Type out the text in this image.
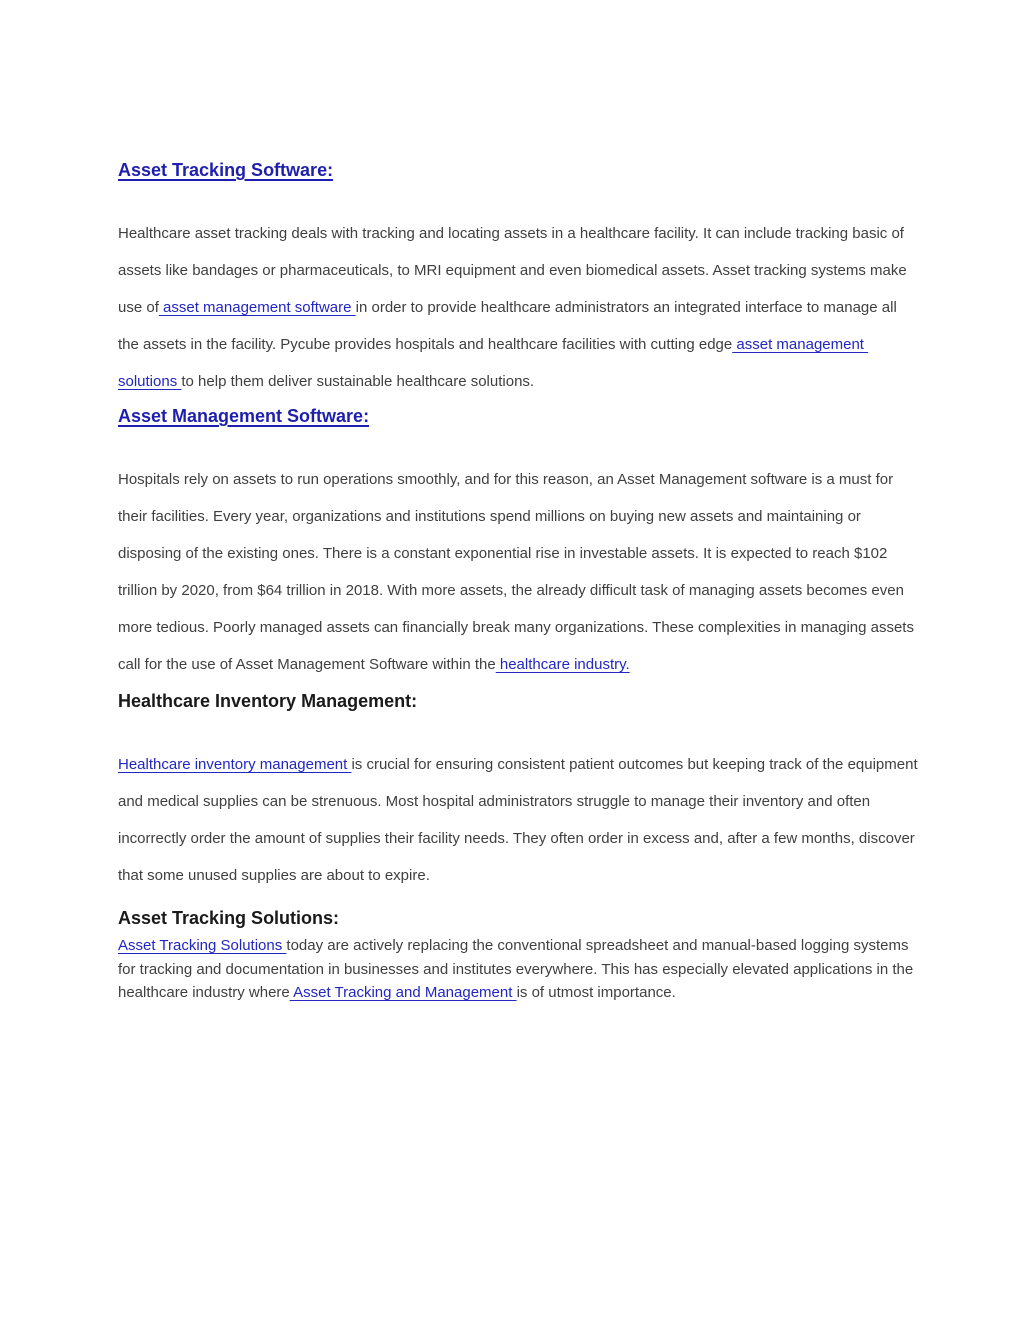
Asset Tracking Software:

Healthcare asset tracking deals with tracking and locating assets in a healthcare facility. It can include tracking basic of assets like bandages or pharmaceuticals, to MRI equipment and even biomedical assets. Asset tracking systems make use of asset management software in order to provide healthcare administrators an integrated interface to manage all the assets in the facility. Pycube provides hospitals and healthcare facilities with cutting edge asset management solutions to help them deliver sustainable healthcare solutions.

Asset Management Software:

Hospitals rely on assets to run operations smoothly, and for this reason, an Asset Management software is a must for their facilities. Every year, organizations and institutions spend millions on buying new assets and maintaining or disposing of the existing ones. There is a constant exponential rise in investable assets. It is expected to reach $102 trillion by 2020, from $64 trillion in 2018. With more assets, the already difficult task of managing assets becomes even more tedious. Poorly managed assets can financially break many organizations. These complexities in managing assets call for the use of Asset Management Software within the healthcare industry.

Healthcare Inventory Management:

Healthcare inventory management is crucial for ensuring consistent patient outcomes but keeping track of the equipment and medical supplies can be strenuous. Most hospital administrators struggle to manage their inventory and often incorrectly order the amount of supplies their facility needs. They often order in excess and, after a few months, discover that some unused supplies are about to expire.

Asset Tracking Solutions:

Asset Tracking Solutions today are actively replacing the conventional spreadsheet and manual-based logging systems for tracking and documentation in businesses and institutes everywhere. This has especially elevated applications in the healthcare industry where Asset Tracking and Management is of utmost importance.
